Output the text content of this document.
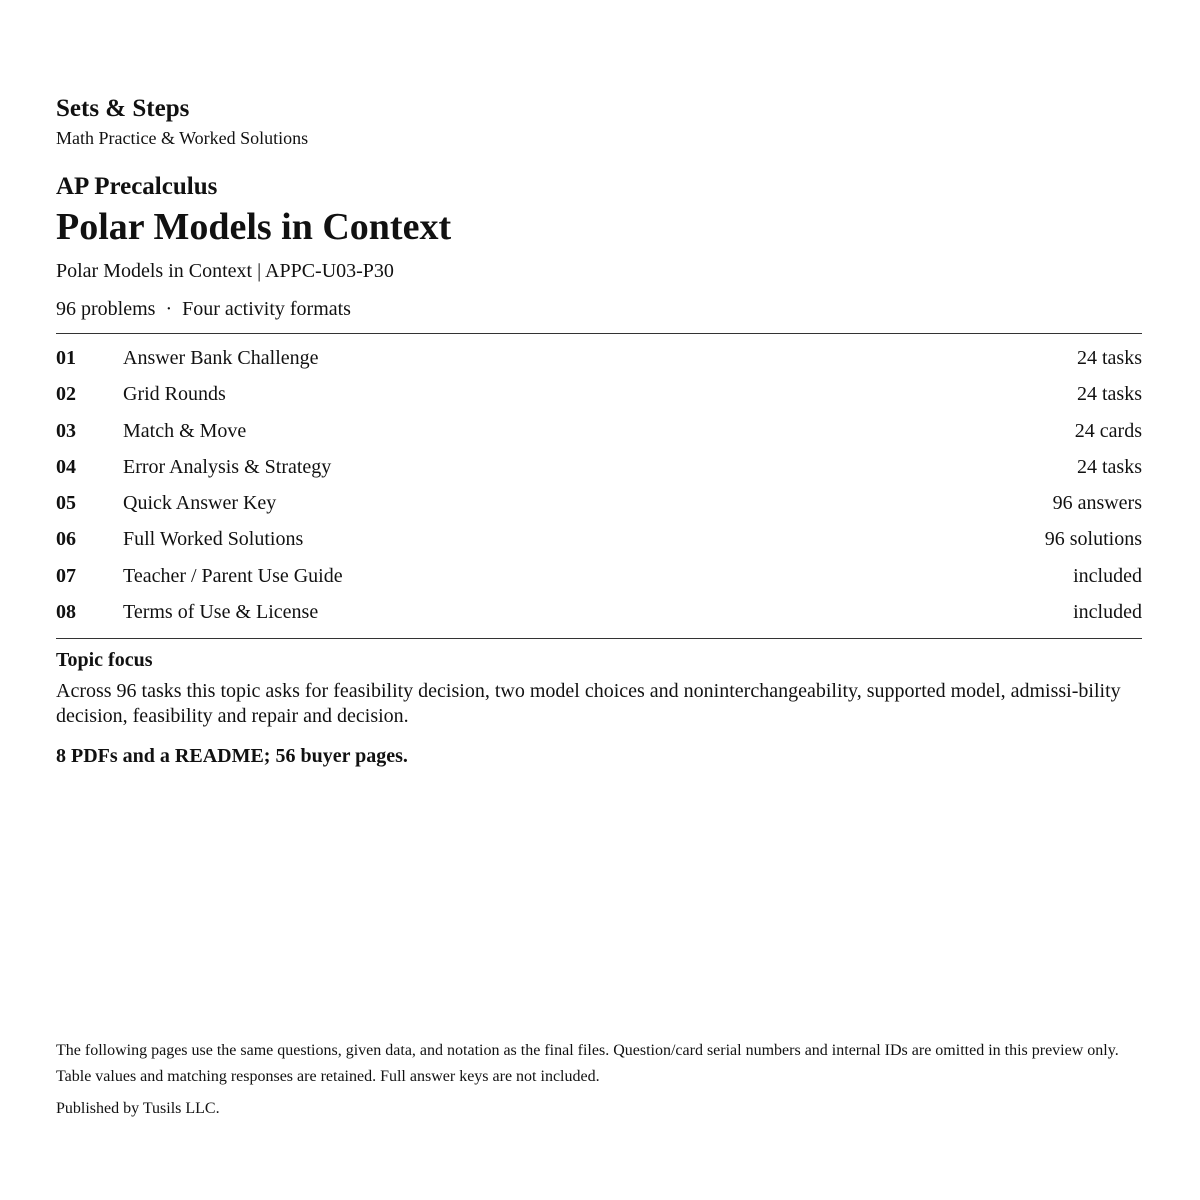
Sets & Steps

Math Practice & Worked Solutions

AP Precalculus

Polar Models in Context

Polar Models in Context | APPC-U03-P30

96 problems · Four activity formats

01	Answer Bank Challenge	24 tasks
02	Grid Rounds	24 tasks
03	Match & Move	24 cards
04	Error Analysis & Strategy	24 tasks
05	Quick Answer Key	96 answers
06	Full Worked Solutions	96 solutions
07	Teacher / Parent Use Guide	included
08	Terms of Use & License	included

Topic focus

Across 96 tasks this topic asks for feasibility decision, two model choices and noninterchangeability, supported model, admissi-bility decision, feasibility and repair and decision.

8 PDFs and a README; 56 buyer pages.

The following pages use the same questions, given data, and notation as the final files. Question/card serial numbers and internal IDs are omitted in this preview only. Table values and matching responses are retained. Full answer keys are not included.

Published by Tusils LLC.
